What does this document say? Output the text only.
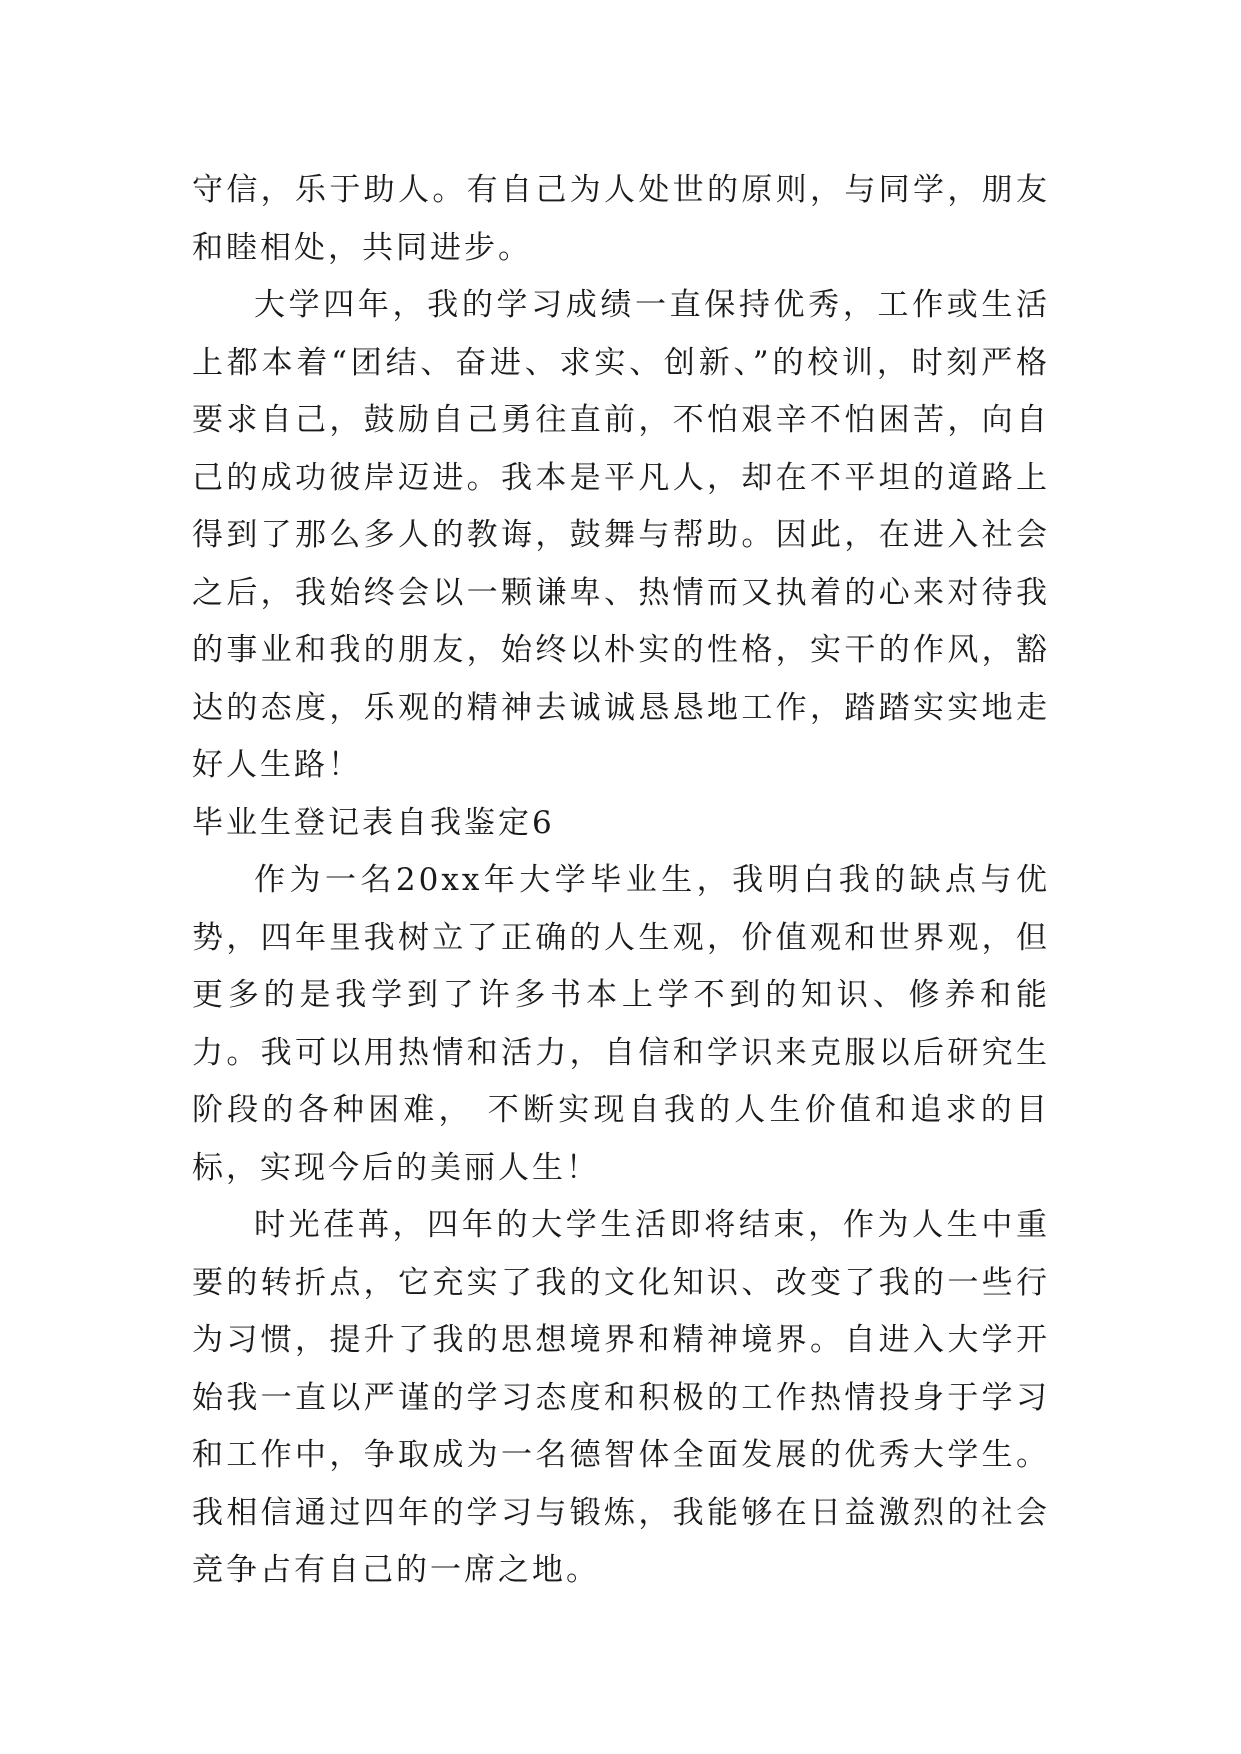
守信，乐于助人。有自己为人处世的原则，与同学，朋友和睦相处，共同进步。

大学四年，我的学习成绩一直保持优秀，工作或生活上都本着“团结、奋进、求实、创新、”的校训，时刻严格要求自己，鼓励自己勇往直前，不怕艰辛不怕困苦，向自己的成功彼岸迈进。我本是平凡人，却在不平坦的道路上得到了那么多人的教诲，鼓舞与帮助。因此，在进入社会之后，我始终会以一颗谦卑、热情而又执着的心来对待我的事业和我的朋友，始终以朴实的性格，实干的作风，豁达的态度，乐观的精神去诚诚恳恳地工作，踏踏实实地走好人生路！

毕业生登记表自我鉴定6

作为一名20xx年大学毕业生，我明白我的缺点与优势，四年里我树立了正确的人生观，价值观和世界观，但更多的是我学到了许多书本上学不到的知识、修养和能力。我可以用热情和活力，自信和学识来克服以后研究生阶段的各种困难， 不断实现自我的人生价值和追求的目标，实现今后的美丽人生！

时光荏苒，四年的大学生活即将结束，作为人生中重要的转折点，它充实了我的文化知识、改变了我的一些行为习惯，提升了我的思想境界和精神境界。自进入大学开始我一直以严谨的学习态度和积极的工作热情投身于学习和工作中，争取成为一名德智体全面发展的优秀大学生。我相信通过四年的学习与锻炼，我能够在日益激烈的社会竞争占有自己的一席之地。
